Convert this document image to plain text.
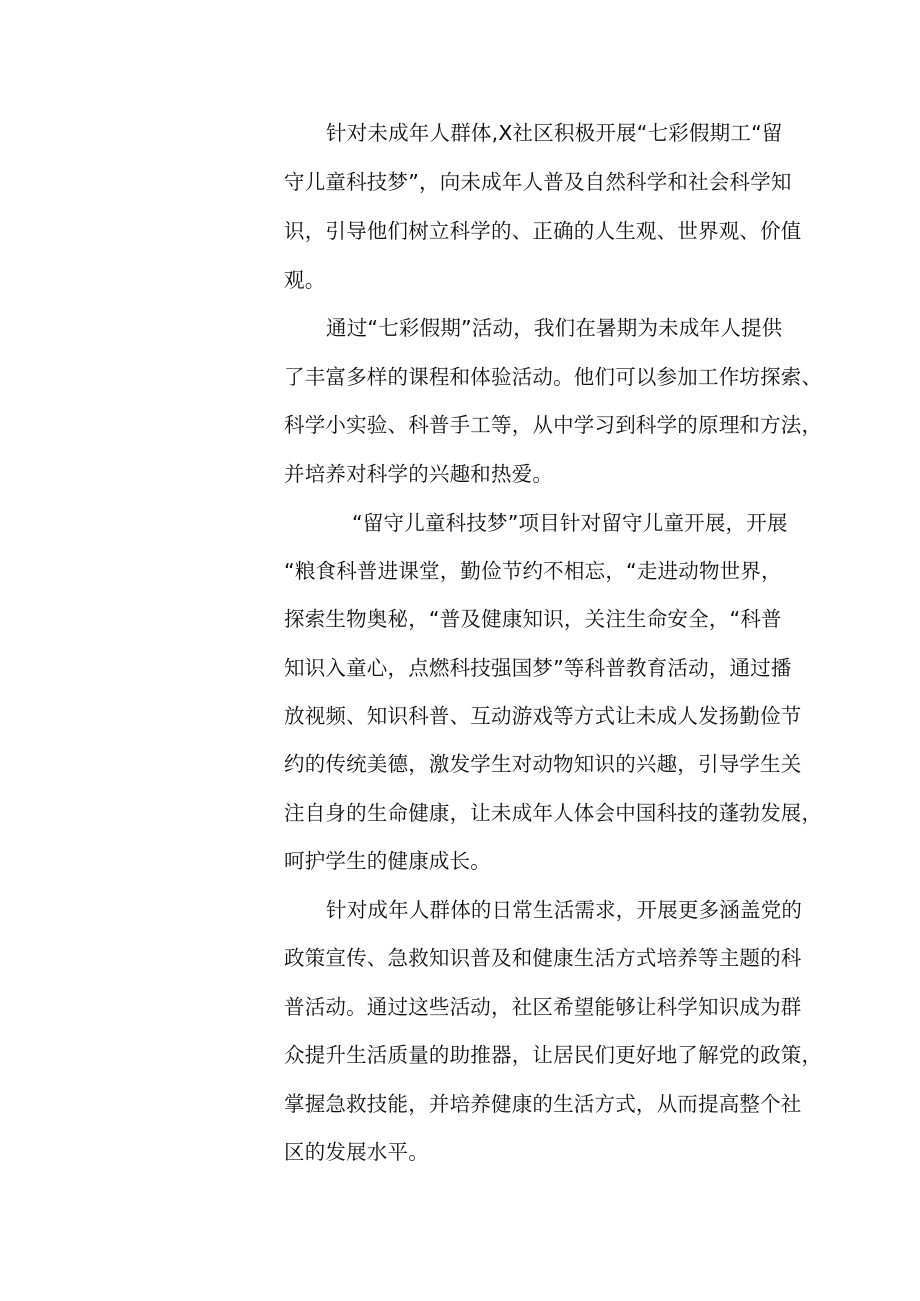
针对未成年人群体,X社区积极开展“七彩假期工“留
守儿童科技梦”，向未成年人普及自然科学和社会科学知
识，引导他们树立科学的、正确的人生观、世界观、价值
观。
通过“七彩假期”活动，我们在暑期为未成年人提供
了丰富多样的课程和体验活动。他们可以参加工作坊探索、
科学小实验、科普手工等，从中学习到科学的原理和方法，
并培养对科学的兴趣和热爱。
“留守儿童科技梦”项目针对留守儿童开展，开展
“粮食科普进课堂，勤俭节约不相忘，“走进动物世界，
探索生物奥秘，“普及健康知识，关注生命安全，“科普
知识入童心，点燃科技强国梦”等科普教育活动，通过播
放视频、知识科普、互动游戏等方式让未成人发扬勤俭节
约的传统美德，激发学生对动物知识的兴趣，引导学生关
注自身的生命健康，让未成年人体会中国科技的蓬勃发展，
呵护学生的健康成长。
针对成年人群体的日常生活需求，开展更多涵盖党的
政策宣传、急救知识普及和健康生活方式培养等主题的科
普活动。通过这些活动，社区希望能够让科学知识成为群
众提升生活质量的助推器，让居民们更好地了解党的政策，
掌握急救技能，并培养健康的生活方式，从而提高整个社
区的发展水平。
